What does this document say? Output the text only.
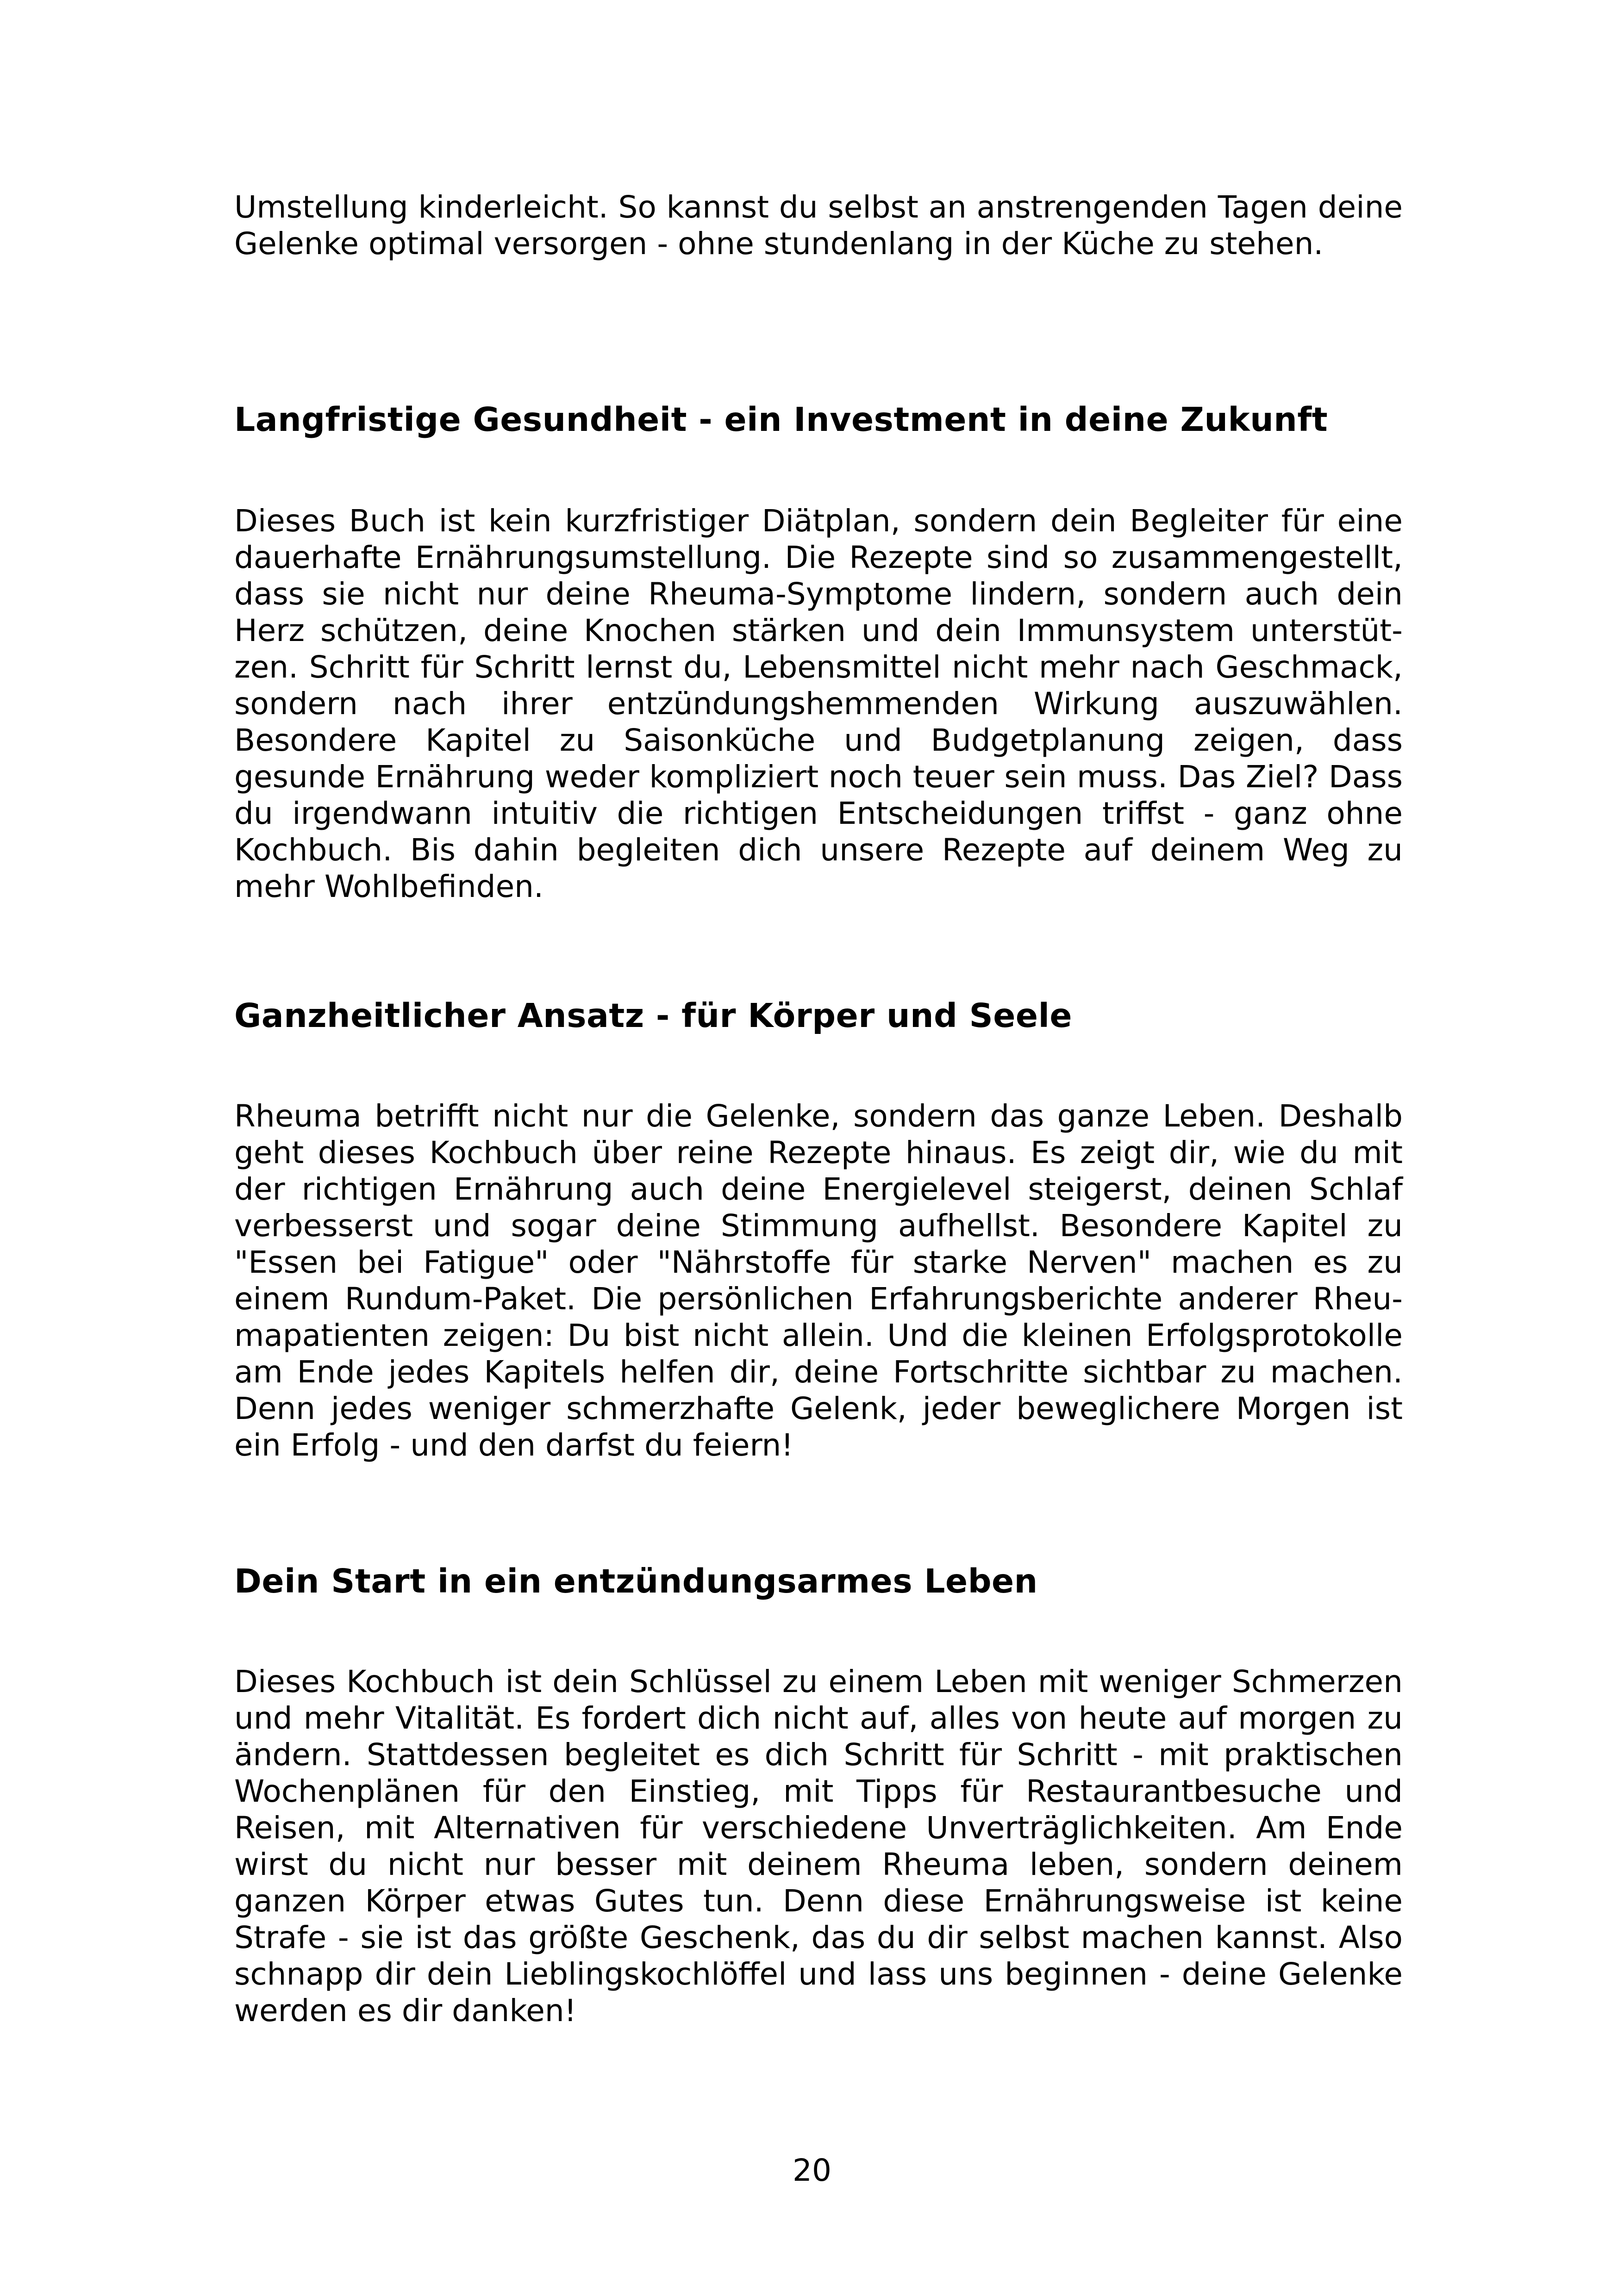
Umstellung kinderleicht. So kannst du selbst an anstrengenden Tagen deine Gelenke optimal versorgen - ohne stundenlang in der Küche zu stehen.

Langfristige Gesundheit - ein Investment in deine Zukunft

Dieses Buch ist kein kurzfristiger Diätplan, sondern dein Begleiter für eine dauerhafte Ernährungsumstellung. Die Rezepte sind so zusammengestellt, dass sie nicht nur deine Rheuma-Symptome lindern, sondern auch dein Herz schützen, deine Knochen stärken und dein Immunsystem unterstützen. Schritt für Schritt lernst du, Lebensmittel nicht mehr nach Geschmack, sondern nach ihrer entzündungshemmenden Wirkung auszuwählen. Besondere Kapitel zu Saisonküche und Budgetplanung zeigen, dass gesunde Ernährung weder kompliziert noch teuer sein muss. Das Ziel? Dass du irgendwann intuitiv die richtigen Entscheidungen triffst - ganz ohne Kochbuch. Bis dahin begleiten dich unsere Rezepte auf deinem Weg zu mehr Wohlbefinden.

Ganzheitlicher Ansatz - für Körper und Seele

Rheuma betrifft nicht nur die Gelenke, sondern das ganze Leben. Deshalb geht dieses Kochbuch über reine Rezepte hinaus. Es zeigt dir, wie du mit der richtigen Ernährung auch deine Energielevel steigerst, deinen Schlaf verbesserst und sogar deine Stimmung aufhellst. Besondere Kapitel zu "Essen bei Fatigue" oder "Nährstoffe für starke Nerven" machen es zu einem Rundum-Paket. Die persönlichen Erfahrungsberichte anderer Rheumapatienten zeigen: Du bist nicht allein. Und die kleinen Erfolgsprotokolle am Ende jedes Kapitels helfen dir, deine Fortschritte sichtbar zu machen. Denn jedes weniger schmerzhafte Gelenk, jeder beweglichere Morgen ist ein Erfolg - und den darfst du feiern!

Dein Start in ein entzündungsarmes Leben

Dieses Kochbuch ist dein Schlüssel zu einem Leben mit weniger Schmerzen und mehr Vitalität. Es fordert dich nicht auf, alles von heute auf morgen zu ändern. Stattdessen begleitet es dich Schritt für Schritt - mit praktischen Wochenplänen für den Einstieg, mit Tipps für Restaurantbesuche und Reisen, mit Alternativen für verschiedene Unverträglichkeiten. Am Ende wirst du nicht nur besser mit deinem Rheuma leben, sondern deinem ganzen Körper etwas Gutes tun. Denn diese Ernährungsweise ist keine Strafe - sie ist das größte Geschenk, das du dir selbst machen kannst. Also schnapp dir dein Lieblingskochlöffel und lass uns beginnen - deine Gelenke werden es dir danken!

20
